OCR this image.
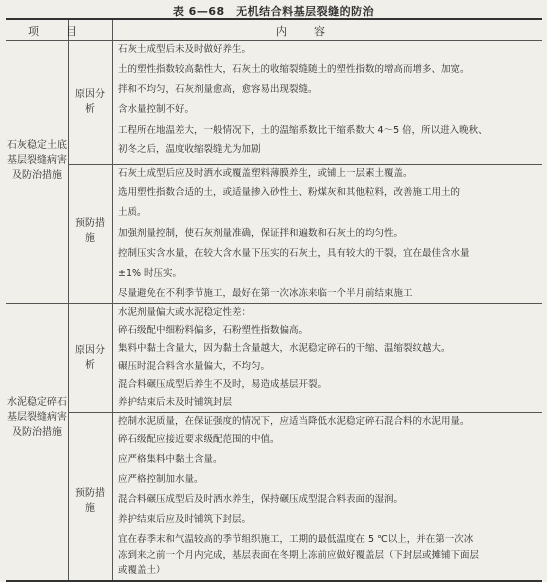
表 6—68　无机结合料基层裂缝的防治
项　目	内　容
石灰稳定土底基层裂缝病害及防治措施
水泥稳定碎石基层裂缝病害及防治措施
原因分析
预防措施
原因分析
预防措施
石灰土成型后未及时做好养生。
土的塑性指数较高黏性大，石灰土的收缩裂缝随土的塑性指数的增高而增多、加宽。
拌和不均匀，石灰剂量愈高，愈容易出现裂缝。
含水量控制不好。
工程所在地温差大，一般情况下，土的温缩系数比干缩系数大 4～5 倍，所以进入晚秋、
初冬之后，温度收缩裂缝尤为加剧
石灰土成型后应及时洒水或覆盖塑料薄膜养生，或铺上一层素土覆盖。
选用塑性指数合适的土，或适量掺入砂性土、粉煤灰和其他粒料，改善施工用土的
土质。
加强剂量控制，使石灰剂量准确，保证拌和遍数和石灰土的均匀性。
控制压实含水量，在较大含水量下压实的石灰土，具有较大的干裂，宜在最佳含水量
±1% 时压实。
尽量避免在不利季节施工，最好在第一次冰冻来临一个半月前结束施工
水泥剂量偏大或水泥稳定性差：
碎石级配中细粉料偏多，石粉塑性指数偏高。
集料中黏土含量大，因为黏土含量越大，水泥稳定碎石的干缩、温缩裂纹越大。
碾压时混合料含水量偏大，不均匀。
混合料碾压成型后养生不及时，易造成基层开裂。
养护结束后未及时铺筑封层
控制水泥质量，在保证强度的情况下，应适当降低水泥稳定碎石混合料的水泥用量。
碎石级配应接近要求级配范围的中值。
应严格集料中黏土含量。
应严格控制加水量。
混合料碾压成型后及时洒水养生，保持碾压成型混合料表面的湿润。
养护结束后应及时铺筑下封层。
宜在春季末和气温较高的季节组织施工，工期的最低温度在 5 ℃以上，并在第一次冰
冻到来之前一个月内完成，基层表面在冬期上冻前应做好覆盖层（下封层或摊铺下面层
或覆盖土）
